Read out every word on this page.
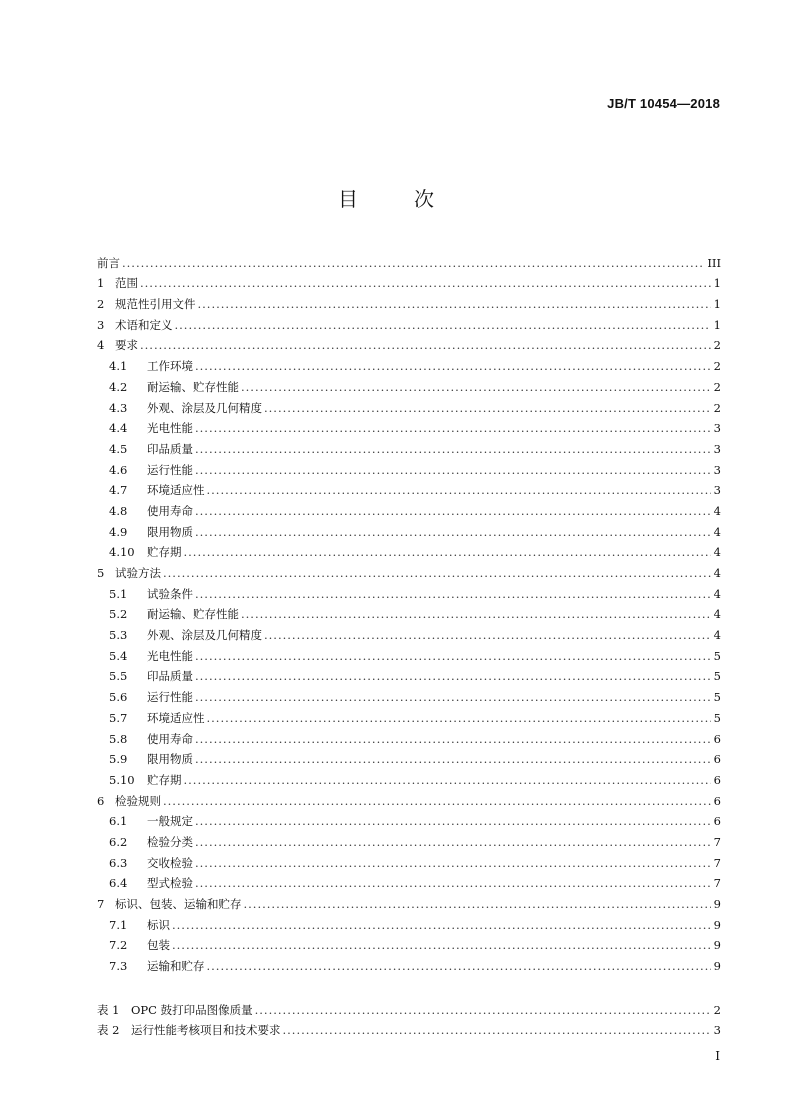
JB/T 10454—2018
目 次
前言 .....	III
1 范围 .....	1
2 规范性引用文件 .....	1
3 术语和定义 .....	1
4 要求 .....	2
4.1	工作环境 .....	2
4.2	耐运输、贮存性能 .....	2
4.3	外观、涂层及几何精度 .....	2
4.4	光电性能 .....	3
4.5	印品质量 .....	3
4.6	运行性能 .....	3
4.7	环境适应性 .....	3
4.8	使用寿命 .....	4
4.9	限用物质 .....	4
4.10	贮存期 .....	4
5 试验方法 .....	4
5.1	试验条件 .....	4
5.2	耐运输、贮存性能 .....	4
5.3	外观、涂层及几何精度 .....	4
5.4	光电性能 .....	5
5.5	印品质量 .....	5
5.6	运行性能 .....	5
5.7	环境适应性 .....	5
5.8	使用寿命 .....	6
5.9	限用物质 .....	6
5.10	贮存期 .....	6
6 检验规则 .....	6
6.1	一般规定 .....	6
6.2	检验分类 .....	7
6.3	交收检验 .....	7
6.4	型式检验 .....	7
7 标识、包装、运输和贮存 .....	9
7.1	标识 .....	9
7.2	包装 .....	9
7.3	运输和贮存 .....	9
表 1	OPC 鼓打印品图像质量 .....	2
表 2	运行性能考核项目和技术要求 .....	3
I
